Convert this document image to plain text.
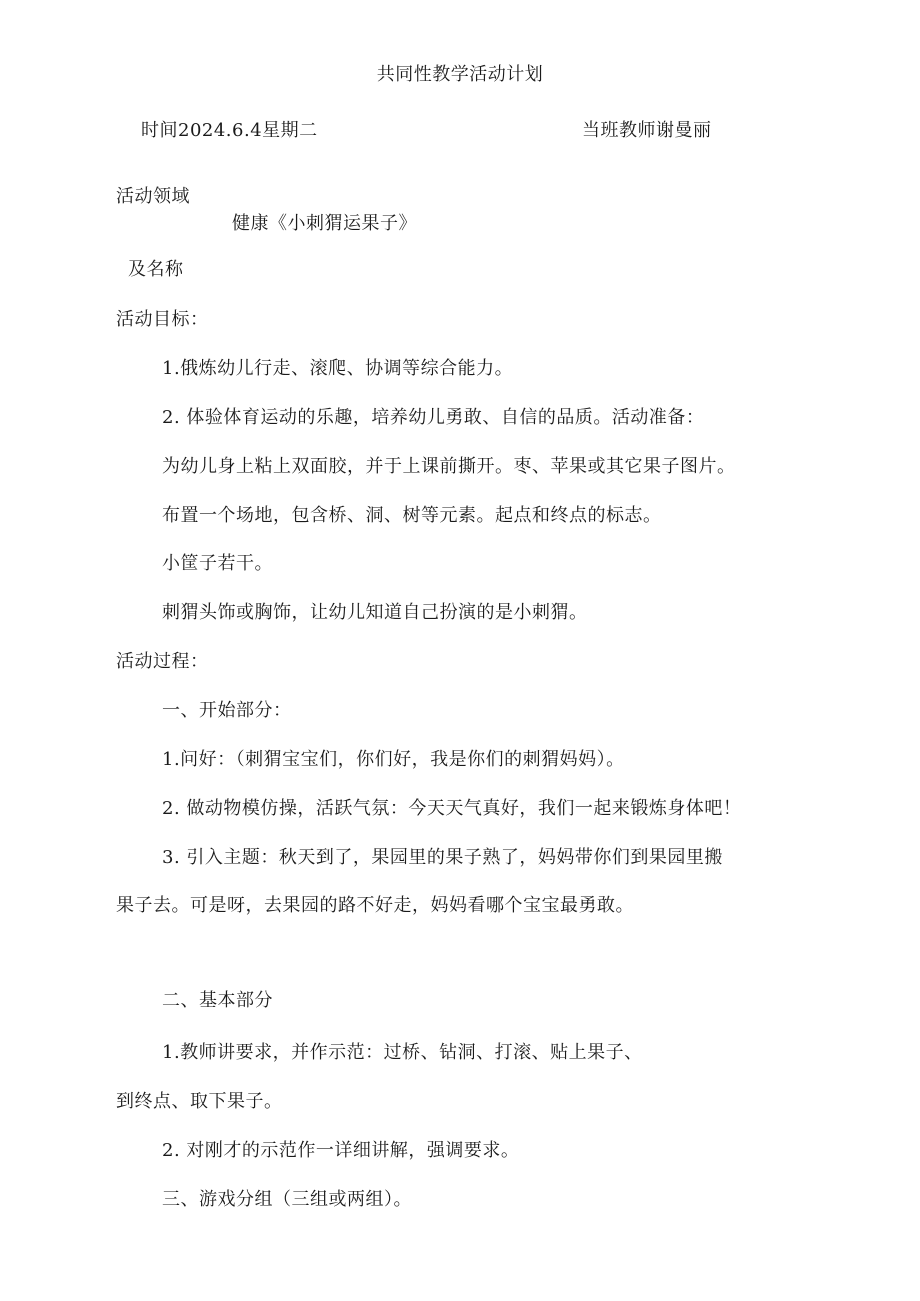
共同性教学活动计划
时间2024.6.4星期二	当班教师谢曼丽
活动领域
健康《小刺猬运果子》
及名称
活动目标：
1.俄炼幼儿行走、滚爬、协调等综合能力。
2. 体验体育运动的乐趣，培养幼儿勇敢、自信的品质。活动准备：
为幼儿身上粘上双面胶，并于上课前撕开。枣、苹果或其它果子图片。
布置一个场地，包含桥、洞、树等元素。起点和终点的标志。
小筐子若干。
刺猬头饰或胸饰，让幼儿知道自己扮演的是小刺猬。
活动过程：
一、开始部分：
1.问好：（刺猬宝宝们，你们好，我是你们的刺猬妈妈）。
2. 做动物模仿操，活跃气氛：今天天气真好，我们一起来锻炼身体吧！
3. 引入主题：秋天到了，果园里的果子熟了，妈妈带你们到果园里搬
果子去。可是呀，去果园的路不好走，妈妈看哪个宝宝最勇敢。
二、基本部分
1.教师讲要求，并作示范：过桥、钻洞、打滚、贴上果子、
到终点、取下果子。
2. 对刚才的示范作一详细讲解，强调要求。
三、游戏分组（三组或两组）。
